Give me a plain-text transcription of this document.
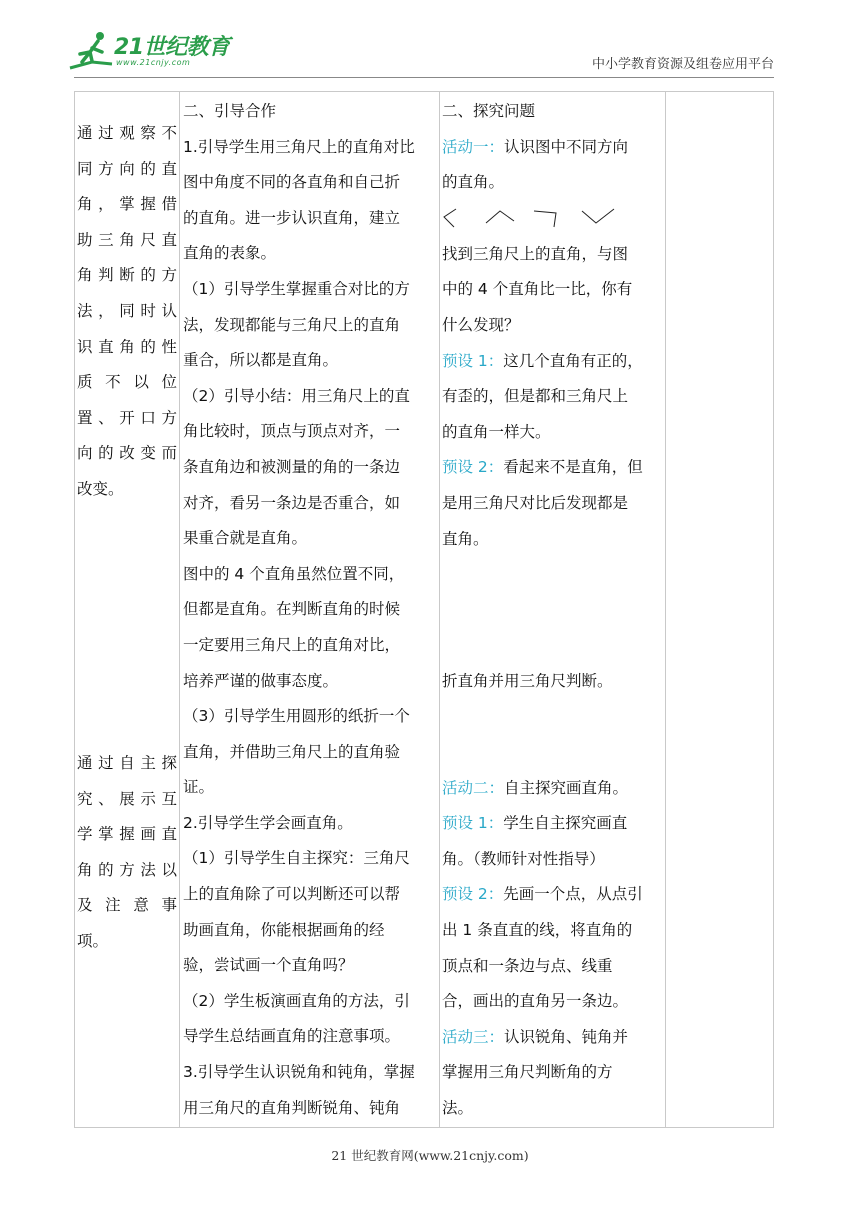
21世纪教育
www.21cnjy.com	中小学教育资源及组卷应用平台
通过观察不
同方向的直
角，掌握借
助三角尺直
角判断的方
法，同时认
识直角的性
质不以位
置、开口方
向的改变而
改变。
通过自主探
究、展示互
学掌握画直
角的方法以
及注意事
项。
二、引导合作
1.引导学生用三角尺上的直角对比
图中角度不同的各直角和自己折
的直角。进一步认识直角，建立
直角的表象。
（1）引导学生掌握重合对比的方
法，发现都能与三角尺上的直角
重合，所以都是直角。
（2）引导小结：用三角尺上的直
角比较时，顶点与顶点对齐，一
条直角边和被测量的角的一条边
对齐，看另一条边是否重合，如
果重合就是直角。
图中的 4 个直角虽然位置不同，
但都是直角。在判断直角的时候
一定要用三角尺上的直角对比，
培养严谨的做事态度。
（3）引导学生用圆形的纸折一个
直角，并借助三角尺上的直角验
证。
2.引导学生学会画直角。
（1）引导学生自主探究：三角尺
上的直角除了可以判断还可以帮
助画直角，你能根据画角的经
验，尝试画一个直角吗？
（2）学生板演画直角的方法，引
导学生总结画直角的注意事项。
3.引导学生认识锐角和钝角，掌握
用三角尺的直角判断锐角、钝角
二、探究问题
活动一：认识图中不同方向
的直角。
找到三角尺上的直角，与图
中的 4 个直角比一比，你有
什么发现？
预设 1：这几个直角有正的，
有歪的，但是都和三角尺上
的直角一样大。
预设 2：看起来不是直角，但
是用三角尺对比后发现都是
直角。
折直角并用三角尺判断。
活动二：自主探究画直角。
预设 1：学生自主探究画直
角。（教师针对性指导）
预设 2：先画一个点，从点引
出 1 条直直的线，将直角的
顶点和一条边与点、线重
合，画出的直角另一条边。
活动三：认识锐角、钝角并
掌握用三角尺判断角的方
法。
21 世纪教育网(www.21cnjy.com)
